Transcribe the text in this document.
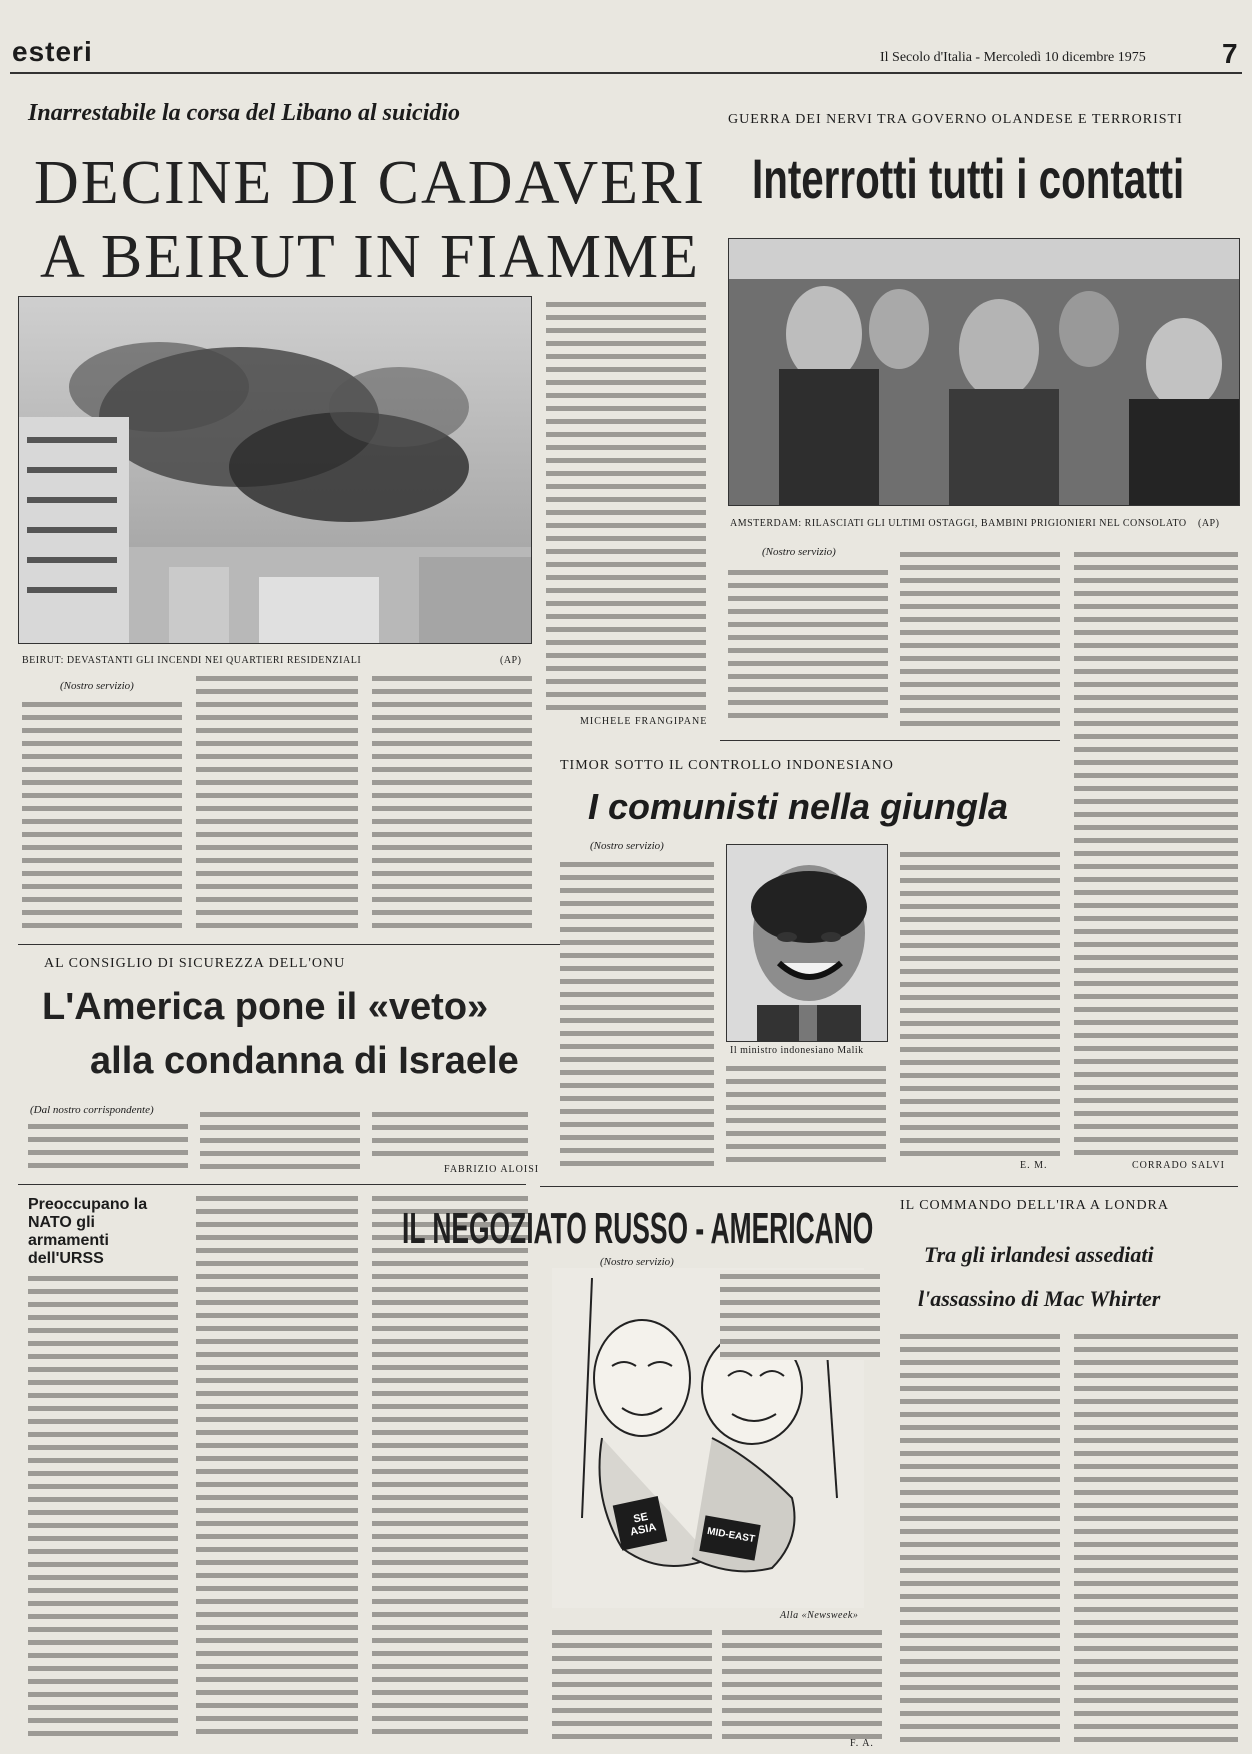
esteri	Il Secolo d'Italia - Mercoledì 10 dicembre 1975	7
Inarrestabile la corsa del Libano al suicidio
DECINE DI CADAVERI
A BEIRUT IN FIAMME
BEIRUT: DEVASTANTI GLI INCENDI NEI QUARTIERI RESIDENZIALI	(AP)
(Nostro servizio)
MICHELE FRANGIPANE
GUERRA DEI NERVI TRA GOVERNO OLANDESE E TERRORISTI
Interrotti tutti i contatti
AMSTERDAM: RILASCIATI GLI ULTIMI OSTAGGI, BAMBINI PRIGIONIERI NEL CONSOLATO (AP)
(Nostro servizio)
CORRADO SALVI
TIMOR SOTTO IL CONTROLLO INDONESIANO
I comunisti nella giungla
(Nostro servizio)
Il ministro indonesiano Malik
E. M.
AL CONSIGLIO DI SICUREZZA DELL'ONU
L'America pone il «veto»
alla condanna di Israele
(Dal nostro corrispondente)
FABRIZIO ALOISI
Preoccupano la NATO gli armamenti dell'URSS
IL NEGOZIATO RUSSO - AMERICANO
(Nostro servizio)
SE ASIA	MID-EAST
Alla «Newsweek»
F. A.
IL COMMANDO DELL'IRA A LONDRA
Tra gli irlandesi assediati
l'assassino di Mac Whirter
